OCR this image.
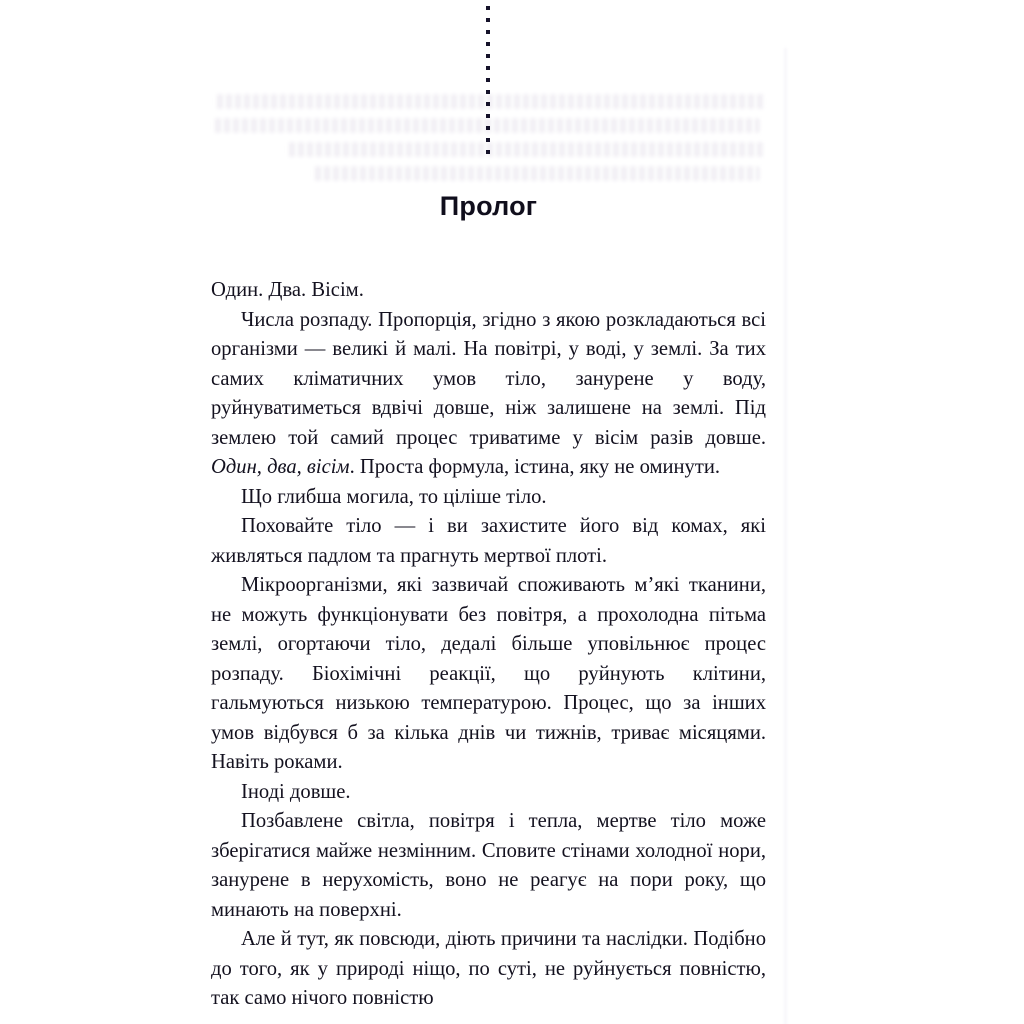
Пролог

Один. Два. Вісім.

Числа розпаду. Пропорція, згідно з якою розкладаються всі організми — великі й малі. На повітрі, у воді, у землі. За тих самих кліматичних умов тіло, занурене у воду, руйнуватиметься вдвічі довше, ніж залишене на землі. Під землею той самий процес триватиме у вісім разів довше. Один, два, вісім. Проста формула, істина, яку не оминути.

Що глибша могила, то ціліше тіло.

Поховайте тіло — і ви захистите його від комах, які живляться падлом та прагнуть мертвої плоті.

Мікроорганізми, які зазвичай споживають м’які тканини, не можуть функціонувати без повітря, а прохолодна пітьма землі, огортаючи тіло, дедалі більше уповільнює процес розпаду. Біохімічні реакції, що руйнують клітини, гальмуються низькою температурою. Процес, що за інших умов відбувся б за кілька днів чи тижнів, триває місяцями. Навіть роками.

Іноді довше.

Позбавлене світла, повітря і тепла, мертве тіло може зберігатися майже незмінним. Сповите стінами холодної нори, занурене в нерухомість, воно не реагує на пори року, що минають на поверхні.

Але й тут, як повсюди, діють причини та наслідки. Подібно до того, як у природі ніщо, по суті, не руйнується повністю, так само нічого повністю
